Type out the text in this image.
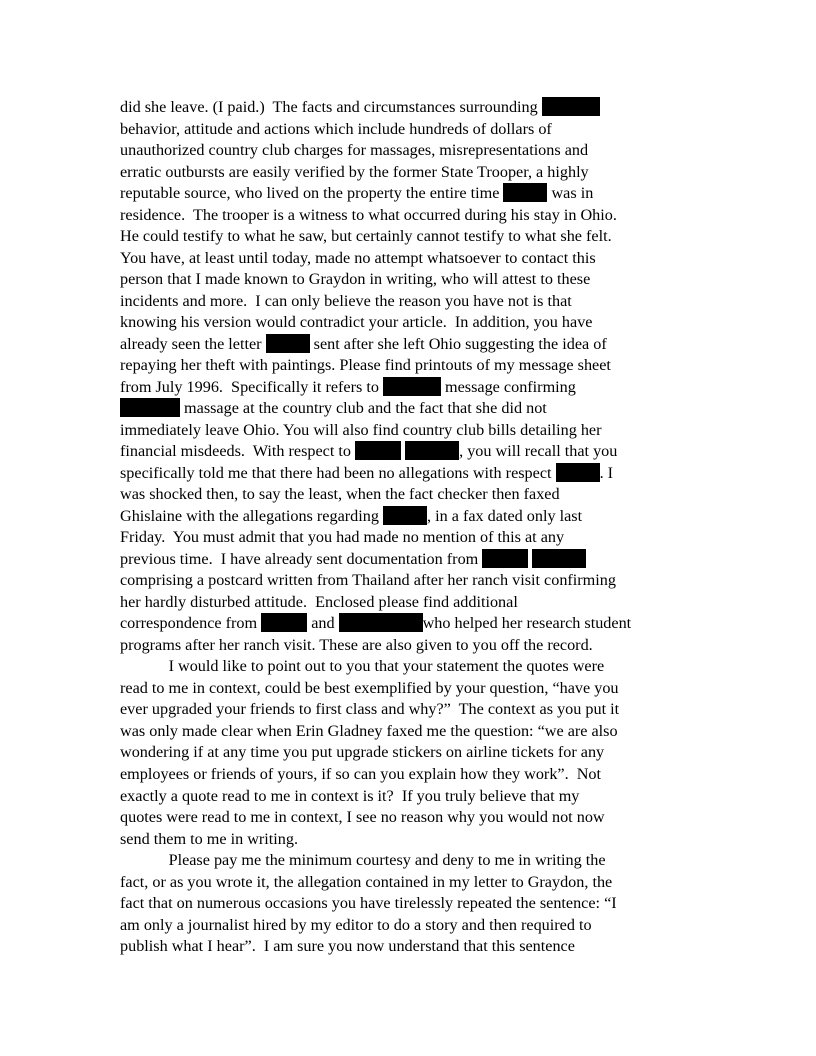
did she leave. (I paid.)  The facts and circumstances surrounding
behavior, attitude and actions which include hundreds of dollars of
unauthorized country club charges for massages, misrepresentations and
erratic outbursts are easily verified by the former State Trooper, a highly
reputable source, who lived on the property the entire time	was in
residence.  The trooper is a witness to what occurred during his stay in Ohio.
He could testify to what he saw, but certainly cannot testify to what she felt.
You have, at least until today, made no attempt whatsoever to contact this
person that I made known to Graydon in writing, who will attest to these
incidents and more.  I can only believe the reason you have not is that
knowing his version would contradict your article.  In addition, you have
already seen the letter	sent after she left Ohio suggesting the idea of
repaying her theft with paintings. Please find printouts of my message sheet
from July 1996.  Specifically it refers to	message confirming
massage at the country club and the fact that she did not
immediately leave Ohio. You will also find country club bills detailing her
financial misdeeds.  With respect to	, you will recall that you
specifically told me that there had been no allegations with respect	. I
was shocked then, to say the least, when the fact checker then faxed
Ghislaine with the allegations regarding	, in a fax dated only last
Friday.  You must admit that you had made no mention of this at any
previous time.  I have already sent documentation from
comprising a postcard written from Thailand after her ranch visit confirming
her hardly disturbed attitude.  Enclosed please find additional
correspondence from	and	who helped her research student
programs after her ranch visit. These are also given to you off the record.
I would like to point out to you that your statement the quotes were
read to me in context, could be best exemplified by your question, “have you
ever upgraded your friends to first class and why?”  The context as you put it
was only made clear when Erin Gladney faxed me the question: “we are also
wondering if at any time you put upgrade stickers on airline tickets for any
employees or friends of yours, if so can you explain how they work”.  Not
exactly a quote read to me in context is it?  If you truly believe that my
quotes were read to me in context, I see no reason why you would not now
send them to me in writing.
Please pay me the minimum courtesy and deny to me in writing the
fact, or as you wrote it, the allegation contained in my letter to Graydon, the
fact that on numerous occasions you have tirelessly repeated the sentence: “I
am only a journalist hired by my editor to do a story and then required to
publish what I hear”.  I am sure you now understand that this sentence
